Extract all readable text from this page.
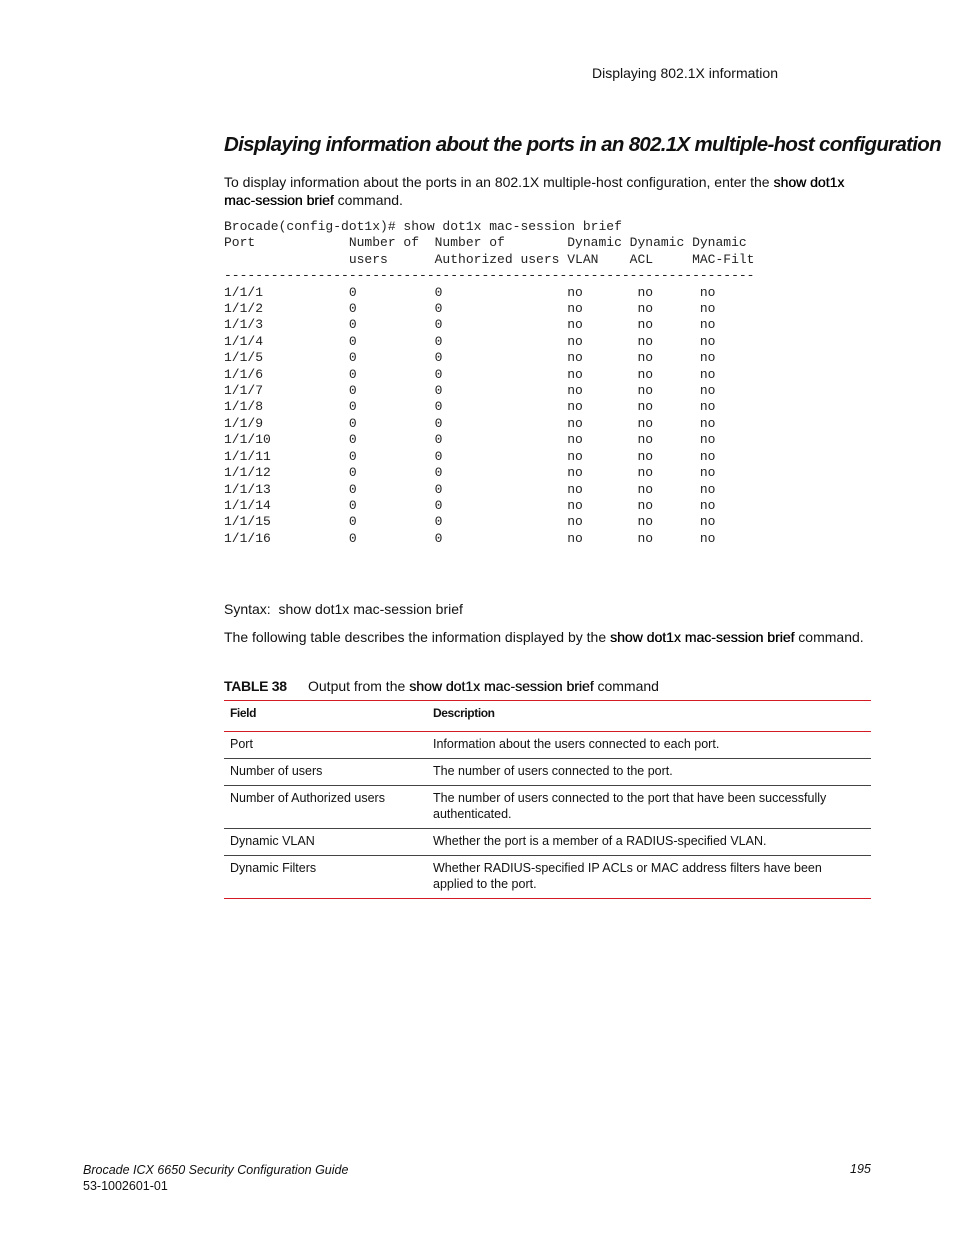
Displaying 802.1X information
Displaying information about the ports in an 802.1X multiple-host configuration
To display information about the ports in an 802.1X multiple-host configuration, enter the show dot1x mac-session brief command.
Brocade(config-dot1x)# show dot1x mac-session brief
Port            Number of  Number of        Dynamic Dynamic Dynamic
users      Authorized users VLAN    ACL     MAC-Filt
--------------------------------------------------------------------
1/1/1           0          0                no       no      no
1/1/2           0          0                no       no      no
1/1/3           0          0                no       no      no
1/1/4           0          0                no       no      no
1/1/5           0          0                no       no      no
1/1/6           0          0                no       no      no
1/1/7           0          0                no       no      no
1/1/8           0          0                no       no      no
1/1/9           0          0                no       no      no
1/1/10          0          0                no       no      no
1/1/11          0          0                no       no      no
1/1/12          0          0                no       no      no
1/1/13          0          0                no       no      no
1/1/14          0          0                no       no      no
1/1/15          0          0                no       no      no
1/1/16          0          0                no       no      no
Syntax: show dot1x mac-session brief
The following table describes the information displayed by the show dot1x mac-session brief command.
TABLE 38 Output from the show dot1x mac-session brief command
Field	Description
Port	Information about the users connected to each port.
Number of users	The number of users connected to the port.
Number of Authorized users	The number of users connected to the port that have been successfully authenticated.
Dynamic VLAN	Whether the port is a member of a RADIUS-specified VLAN.
Dynamic Filters	Whether RADIUS-specified IP ACLs or MAC address filters have been applied to the port.
Brocade ICX 6650 Security Configuration Guide
53-1002601-01
195
